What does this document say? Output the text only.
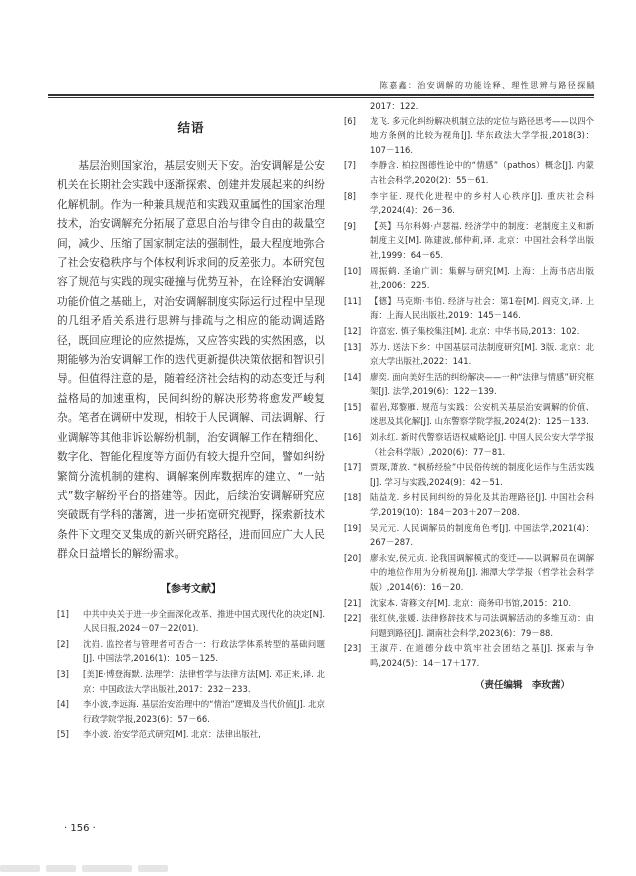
陈嘉鑫：治安调解的功能诠释、理性思辨与路径探赜
结语

基层治则国家治，基层安则天下安。治安调解是公安机关在长期社会实践中逐渐探索、创建并发展起来的纠纷化解机制。作为一种兼具规范和实践双重属性的国家治理技术，治安调解充分拓展了意思自治与律令自由的裁量空间，减少、压缩了国家制定法的强制性，最大程度地弥合了社会安稳秩序与个体权利诉求间的反差张力。本研究包容了规范与实践的现实碰撞与优势互补，在诠释治安调解功能价值之基础上，对治安调解制度实际运行过程中呈现的几组矛盾关系进行思辨与排疏与之相应的能动调适路径，既回应理论的应然提炼，又应答实践的实然困惑，以期能够为治安调解工作的迭代更新提供决策依据和智识引导。但值得注意的是，随着经济社会结构的动态变迁与利益格局的加速重构，民间纠纷的解决形势将愈发严峻复杂。笔者在调研中发现，相较于人民调解、司法调解、行业调解等其他非诉讼解纷机制，治安调解工作在精细化、数字化、智能化程度等方面仍有较大提升空间，譬如纠纷繁简分流机制的建构、调解案例库数据库的建立、“一站式”数字解纷平台的搭建等。因此，后续治安调解研究应突破既有学科的藩篱，进一步拓宽研究视野，探索新技术条件下文理交叉集成的新兴研究路径，进而回应广大人民群众日益增长的解纷需求。

【参考文献】
[1]	中共中央关于进一步全面深化改革、推进中国式现代化的决定[N]. 人民日报,2024－07－22(01).
[2]	沈岿. 监控者与管理者可否合一：行政法学体系转型的基础问题[J]. 中国法学,2016(1)：105－125.
[3]	[美]E·博登海默. 法理学：法律哲学与法律方法[M]. 邓正来,译. 北京：中国政法大学出版社,2017：232－233.
[4]	李小波,李远海. 基层治安治理中的“情治”逻辑及当代价值[J]. 北京行政学院学报,2023(6)：57－66.
[5]	李小波. 治安学范式研究[M]. 北京：法律出版社,
2017：122.
[6]	龙飞. 多元化纠纷解决机制立法的定位与路径思考——以四个地方条例的比较为视角[J]. 华东政法大学学报,2018(3)：107－116.
[7]	李静含. 柏拉图德性论中的“情感”（pathos）概念[J]. 内蒙古社会科学,2020(2)：55－61.
[8]	李宇征. 现代化进程中的乡村人心秩序[J]. 重庆社会科学,2024(4)：26－36.
[9]	【英】马尔科姆·卢瑟福. 经济学中的制度：老制度主义和新制度主义[M]. 陈建波,郁仲莉,译. 北京：中国社会科学出版社,1999：64－65.
[10]	周振鹤. 圣谕广训：集解与研究[M]. 上海：上海书店出版社,2006：225.
[11]	【德】马克斯·韦伯. 经济与社会：第1卷[M]. 阎克文,译. 上海：上海人民出版社,2019：145－146.
[12]	许富宏. 慎子集校集注[M]. 北京：中华书局,2013：102.
[13]	苏力. 送法下乡：中国基层司法制度研究[M]. 3版. 北京：北京大学出版社,2022：141.
[14]	廖奕. 面向美好生活的纠纷解决——一种“法律与情感”研究框架[J]. 法学,2019(6)：122－139.
[15]	翟岩,郑黎雁. 规范与实践：公安机关基层治安调解的价值、迷思及其化解[J]. 山东警察学院学报,2024(2)：125－133.
[16]	刘永红. 新时代警察话语权威略论[J]. 中国人民公安大学学报（社会科学版）,2020(6)：77－81.
[17]	贾琛,萧放. “枫桥经验”中民俗传统的制度化运作与生活实践[J]. 学习与实践,2024(9)：42－51.
[18]	陆益龙. 乡村民间纠纷的异化及其治理路径[J]. 中国社会科学,2019(10)：184－203＋207－208.
[19]	吴元元. 人民调解员的制度角色考[J]. 中国法学,2021(4)：267－287.
[20]	廖永安,侯元贞. 论我国调解模式的变迁——以调解员在调解中的地位作用为分析视角[J]. 湘潭大学学报（哲学社会科学版）,2014(6)：16－20.
[21]	沈家本. 寄簃文存[M]. 北京：商务印书馆,2015：210.
[22]	张红侠,张媛. 法律修辞技术与司法调解活动的多维互动：由问题到路径[J]. 湖南社会科学,2023(6)：79－88.
[23]	王淑芹. 在道德分歧中筑牢社会团结之基[J]. 探索与争鸣,2024(5)：14－17＋177.
（责任编辑　李玫茜）
· 156 ·
